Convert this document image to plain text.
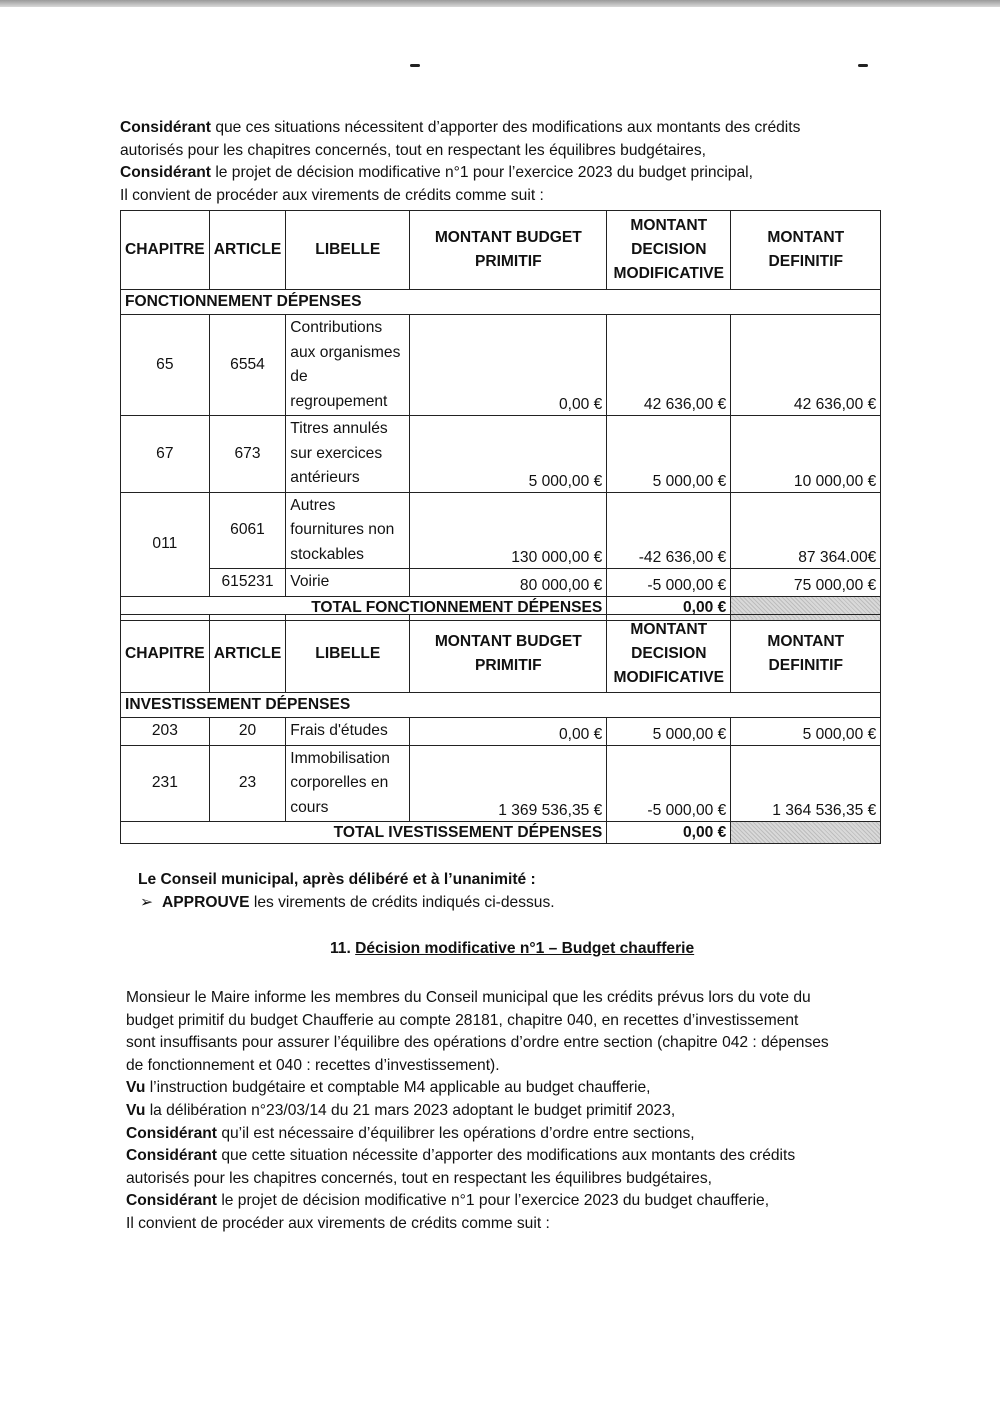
Considérant que ces situations nécessitent d’apporter des modifications aux montants des crédits

autorisés pour les chapitres concernés, tout en respectant les équilibres budgétaires,

Considérant le projet de décision modificative n°1 pour l’exercice 2023 du budget principal,

Il convient de procéder aux virements de crédits comme suit :

CHAPITRE	ARTICLE	LIBELLE	MONTANT BUDGET PRIMITIF	MONTANT DECISION MODIFICATIVE	MONTANT DEFINITIF
FONCTIONNEMENT DÉPENSES					
65	6554	Contributions aux organismes de regroupement	0,00 €	42 636,00 €	42 636,00 €
67	673	Titres annulés sur exercices antérieurs	5 000,00 €	5 000,00 €	10 000,00 €
011	6061	Autres fournitures non stockables	130 000,00 €	-42 636,00 €	87 364.00€
	615231	Voirie	80 000,00 €	-5 000,00 €	75 000,00 €
TOTAL FONCTIONNEMENT DÉPENSES				0,00 €	
CHAPITRE	ARTICLE	LIBELLE	MONTANT BUDGET PRIMITIF	MONTANT DECISION MODIFICATIVE	MONTANT DEFINITIF
INVESTISSEMENT DÉPENSES					
203	20	Frais d'études	0,00 €	5 000,00 €	5 000,00 €
231	23	Immobilisation corporelles en cours	1 369 536,35 €	-5 000,00 €	1 364 536,35 €
TOTAL IVESTISSEMENT DÉPENSES				0,00 €	

Le Conseil municipal, après délibéré et à l’unanimité :

➢ APPROUVE les virements de crédits indiqués ci-dessus.

11. Décision modificative n°1 – Budget chaufferie

Monsieur le Maire informe les membres du Conseil municipal que les crédits prévus lors du vote du

budget primitif du budget Chaufferie au compte 28181, chapitre 040, en recettes d’investissement

sont insuffisants pour assurer l’équilibre des opérations d’ordre entre section (chapitre 042 : dépenses

de fonctionnement et 040 : recettes d’investissement).

Vu l’instruction budgétaire et comptable M4 applicable au budget chaufferie,

Vu la délibération n°23/03/14 du 21 mars 2023 adoptant le budget primitif 2023,

Considérant qu’il est nécessaire d’équilibrer les opérations d’ordre entre sections,

Considérant que cette situation nécessite d’apporter des modifications aux montants des crédits

autorisés pour les chapitres concernés, tout en respectant les équilibres budgétaires,

Considérant le projet de décision modificative n°1 pour l’exercice 2023 du budget chaufferie,

Il convient de procéder aux virements de crédits comme suit :
